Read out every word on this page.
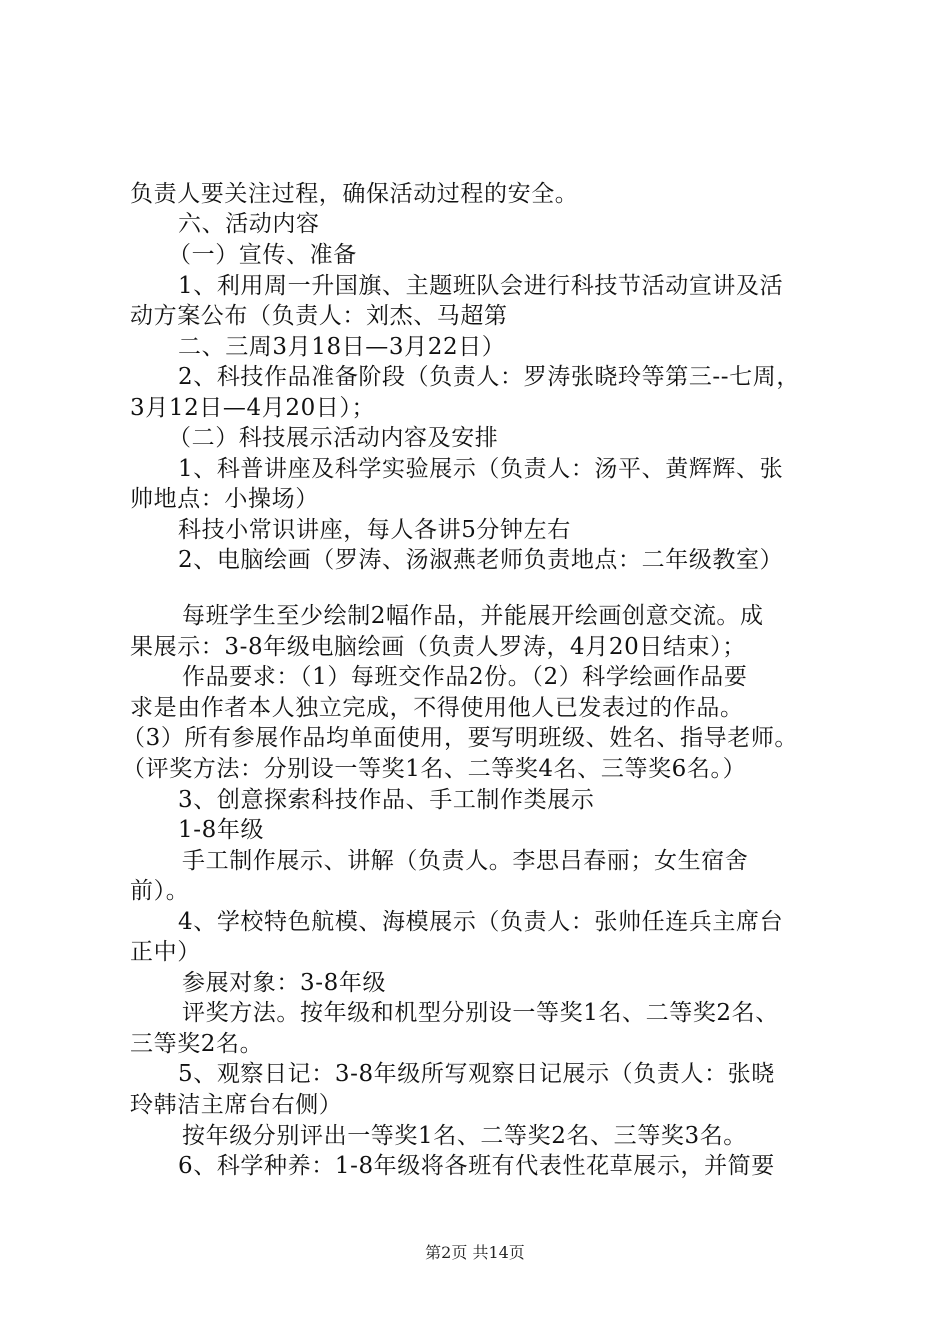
负责人要关注过程，确保活动过程的安全。
六、活动内容
（一）宣传、准备
1、利用周一升国旗、主题班队会进行科技节活动宣讲及活
动方案公布（负责人：刘杰、马超第
二、三周3月18日—3月22日）
2、科技作品准备阶段（负责人：罗涛张晓玲等第三--七周，
3月12日—4月20日）；
（二）科技展示活动内容及安排
1、科普讲座及科学实验展示（负责人：汤平、黄辉辉、张
帅地点：小操场）
科技小常识讲座，每人各讲5分钟左右
2、电脑绘画（罗涛、汤淑燕老师负责地点：二年级教室）
每班学生至少绘制2幅作品，并能展开绘画创意交流。成
果展示：3-8年级电脑绘画（负责人罗涛，4月20日结束）；
作品要求：（1）每班交作品2份。（2）科学绘画作品要
求是由作者本人独立完成，不得使用他人已发表过的作品。
（3）所有参展作品均单面使用，要写明班级、姓名、指导老师。
（评奖方法：分别设一等奖1名、二等奖4名、三等奖6名。）
3、创意探索科技作品、手工制作类展示
1-8年级
手工制作展示、讲解（负责人。李思吕春丽；女生宿舍
前）。
4、学校特色航模、海模展示（负责人：张帅任连兵主席台
正中）
参展对象：3-8年级
评奖方法。按年级和机型分别设一等奖1名、二等奖2名、
三等奖2名。
5、观察日记：3-8年级所写观察日记展示（负责人：张晓
玲韩洁主席台右侧）
按年级分别评出一等奖1名、二等奖2名、三等奖3名。
6、科学种养：1-8年级将各班有代表性花草展示，并简要
第2页 共14页
